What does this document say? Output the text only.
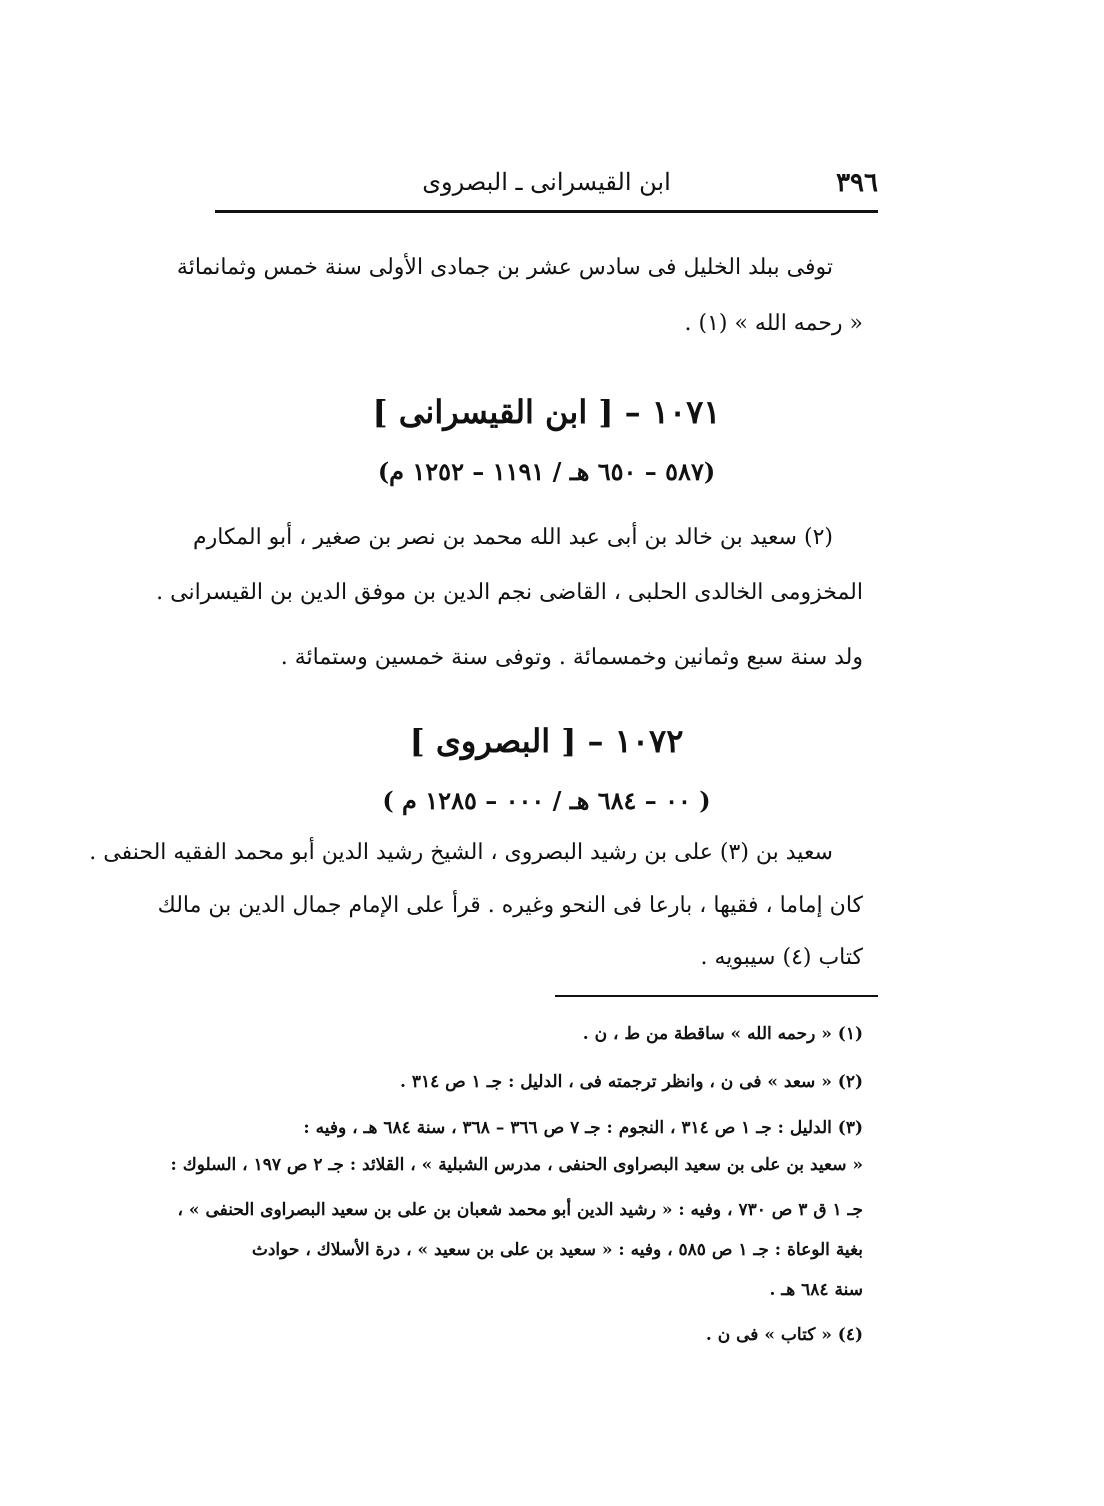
٣٩٦
ابن القيسرانى ـ البصروى
توفى ببلد الخليل فى سادس عشر بن جمادى الأولى سنة خمس وثمانمائة
« رحمه الله » (١) .
١٠٧١ – [ ابن القيسرانى ]
(٥٨٧ – ٦٥٠ هـ / ١١٩١ – ١٢٥٢ م)
(٢) سعيد بن خالد بن أبى عبد الله محمد بن نصر بن صغير ، أبو المكارم
المخزومى الخالدى الحلبى ، القاضى نجم الدين بن موفق الدين بن القيسرانى .
ولد سنة سبع وثمانين وخمسمائة . وتوفى سنة خمسين وستمائة .
١٠٧٢ – [ البصروى ]
( ٠٠ – ٦٨٤ هـ / ٠٠٠ – ١٢٨٥ م )
سعيد بن (٣) على بن رشيد البصروى ، الشيخ رشيد الدين أبو محمد الفقيه الحنفى .
كان إماما ، فقيها ، بارعا فى النحو وغيره . قرأ على الإمام جمال الدين بن مالك
كتاب (٤) سيبويه .
(١) « رحمه الله » ساقطة من ط ، ن .
(٢) « سعد » فى ن ، وانظر ترجمته فى ، الدليل : جـ ١ ص ٣١٤ .
(٣) الدليل : جـ ١ ص ٣١٤ ، النجوم : جـ ٧ ص ٣٦٦ – ٣٦٨ ، سنة ٦٨٤ هـ ، وفيه :
« سعيد بن على بن سعيد البصراوى الحنفى ، مدرس الشبلية » ، القلائد : جـ ٢ ص ١٩٧ ، السلوك :
جـ ١ ق ٣ ص ٧٣٠ ، وفيه : « رشيد الدين أبو محمد شعبان بن على بن سعيد البصراوى الحنفى » ،
بغية الوعاة : جـ ١ ص ٥٨٥ ، وفيه : « سعيد بن على بن سعيد » ، درة الأسلاك ، حوادث
سنة ٦٨٤ هـ .
(٤) « كتاب » فى ن .
